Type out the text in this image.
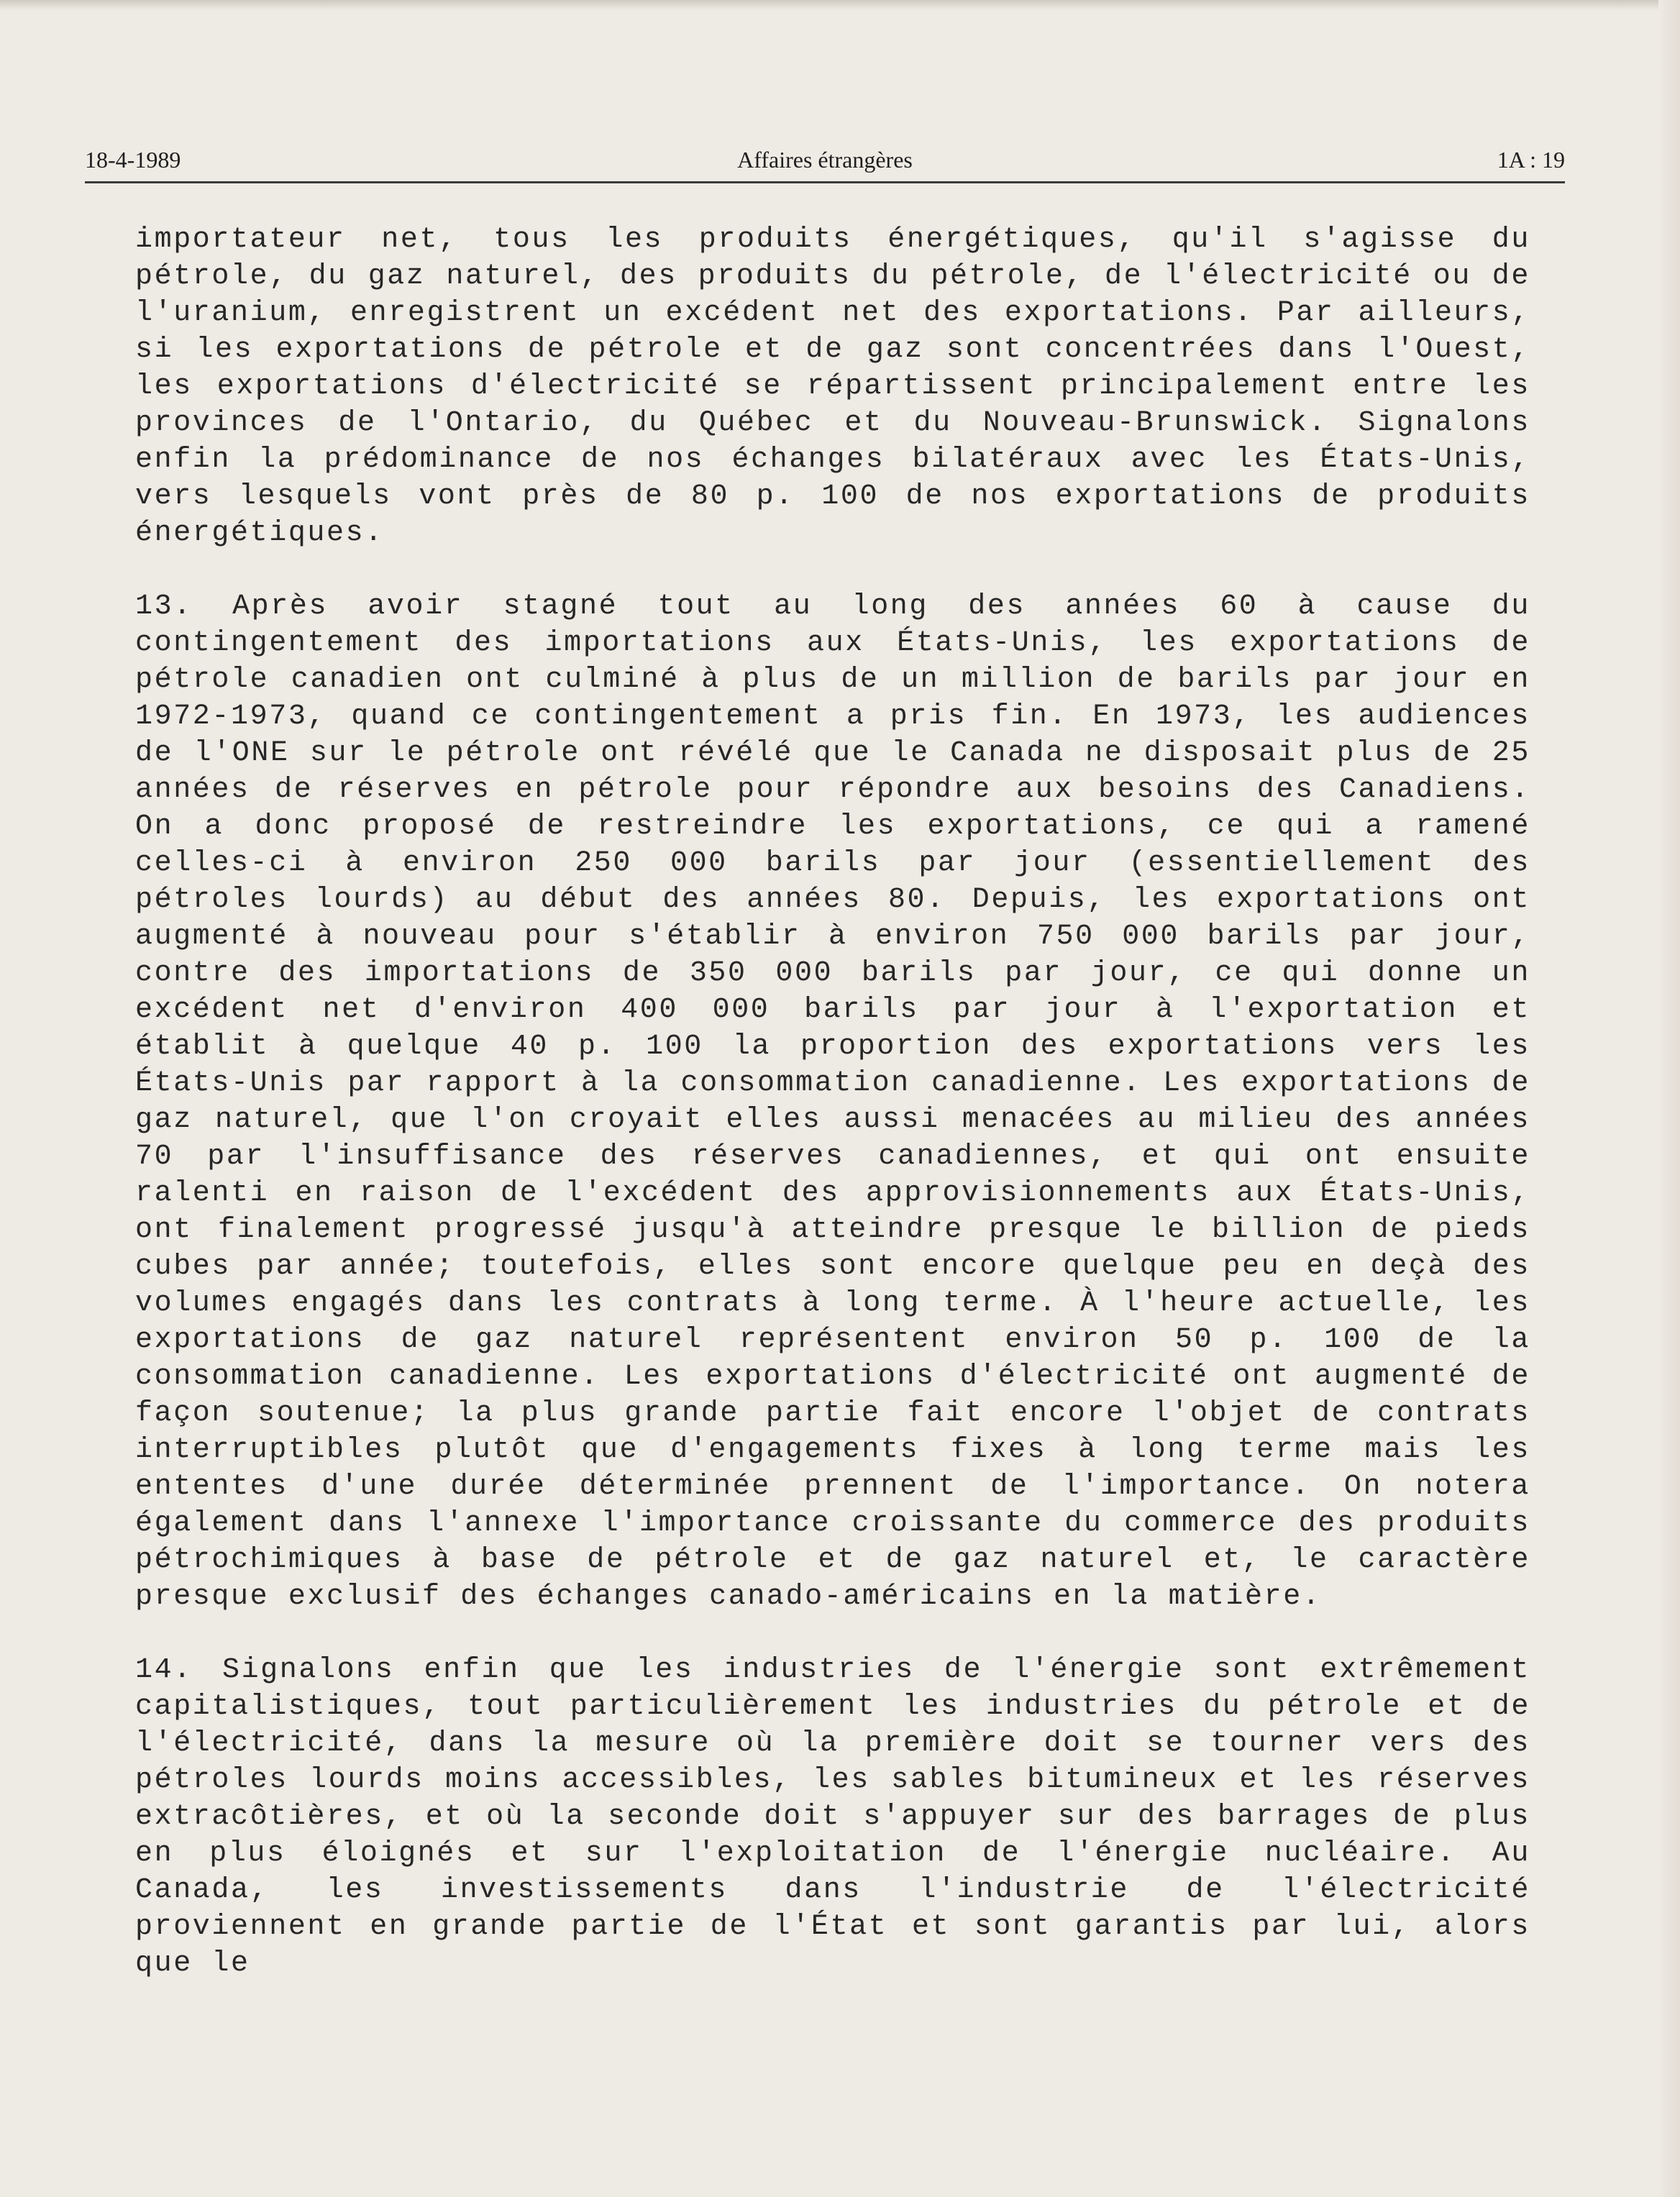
18-4-1989	Affaires étrangères	1A : 19

importateur net, tous les produits énergétiques, qu'il s'agisse du pétrole, du gaz naturel, des produits du pétrole, de l'électricité ou de l'uranium, enregistrent un excédent net des exportations. Par ailleurs, si les exportations de pétrole et de gaz sont concentrées dans l'Ouest, les exportations d'électricité se répartissent principalement entre les provinces de l'Ontario, du Québec et du Nouveau-Brunswick. Signalons enfin la prédominance de nos échanges bilatéraux avec les États-Unis, vers lesquels vont près de 80 p. 100 de nos exportations de produits énergétiques.

13. Après avoir stagné tout au long des années 60 à cause du contingentement des importations aux États-Unis, les exportations de pétrole canadien ont culminé à plus de un million de barils par jour en 1972-1973, quand ce contingentement a pris fin. En 1973, les audiences de l'ONE sur le pétrole ont révélé que le Canada ne disposait plus de 25 années de réserves en pétrole pour répondre aux besoins des Canadiens. On a donc proposé de restreindre les exportations, ce qui a ramené celles-ci à environ 250 000 barils par jour (essentiellement des pétroles lourds) au début des années 80. Depuis, les exportations ont augmenté à nouveau pour s'établir à environ 750 000 barils par jour, contre des importations de 350 000 barils par jour, ce qui donne un excédent net d'environ 400 000 barils par jour à l'exportation et établit à quelque 40 p. 100 la proportion des exportations vers les États-Unis par rapport à la consommation canadienne. Les exportations de gaz naturel, que l'on croyait elles aussi menacées au milieu des années 70 par l'insuffisance des réserves canadiennes, et qui ont ensuite ralenti en raison de l'excédent des approvisionnements aux États-Unis, ont finalement progressé jusqu'à atteindre presque le billion de pieds cubes par année; toutefois, elles sont encore quelque peu en deçà des volumes engagés dans les contrats à long terme. À l'heure actuelle, les exportations de gaz naturel représentent environ 50 p. 100 de la consommation canadienne. Les exportations d'électricité ont augmenté de façon soutenue; la plus grande partie fait encore l'objet de contrats interruptibles plutôt que d'engagements fixes à long terme mais les ententes d'une durée déterminée prennent de l'importance. On notera également dans l'annexe l'importance croissante du commerce des produits pétrochimiques à base de pétrole et de gaz naturel et, le caractère presque exclusif des échanges canado-américains en la matière.

14. Signalons enfin que les industries de l'énergie sont extrêmement capitalistiques, tout particulièrement les industries du pétrole et de l'électricité, dans la mesure où la première doit se tourner vers des pétroles lourds moins accessibles, les sables bitumineux et les réserves extracôtières, et où la seconde doit s'appuyer sur des barrages de plus en plus éloignés et sur l'exploitation de l'énergie nucléaire. Au Canada, les investissements dans l'industrie de l'électricité proviennent en grande partie de l'État et sont garantis par lui, alors que le
